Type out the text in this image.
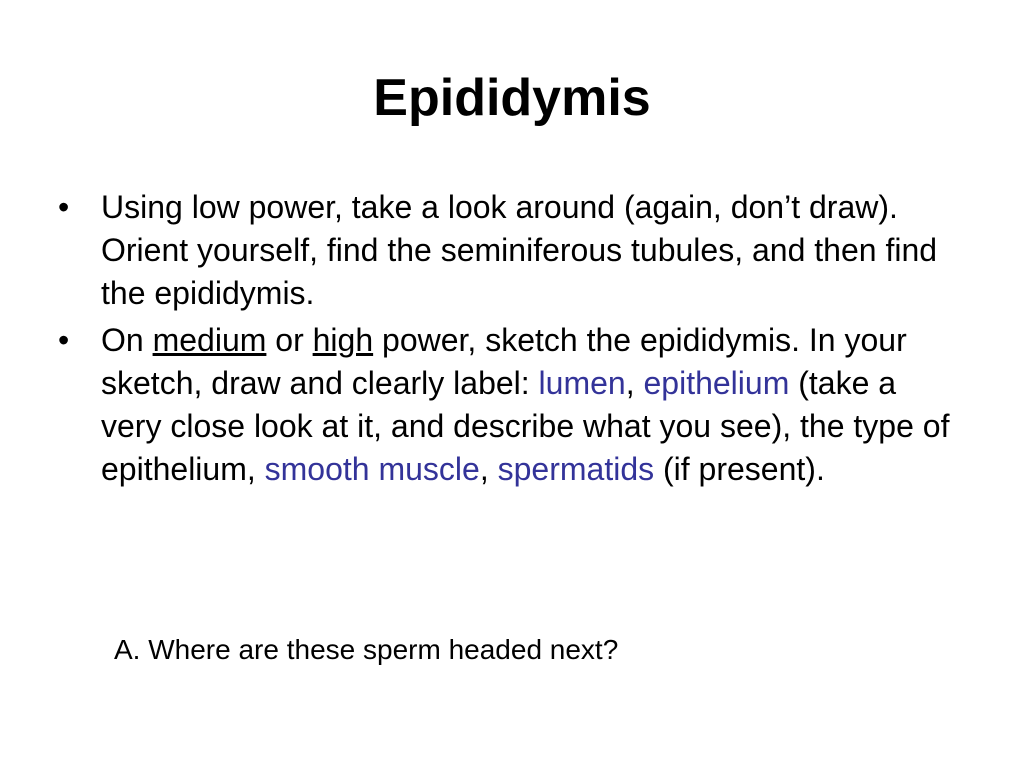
Epididymis
• Using low power, take a look around (again, don’t draw). Orient yourself, find the seminiferous tubules, and then find the epididymis.
• On medium or high power, sketch the epididymis. In your sketch, draw and clearly label: lumen, epithelium (take a very close look at it, and describe what you see), the type of epithelium, smooth muscle, spermatids (if present).
A. Where are these sperm headed next?
